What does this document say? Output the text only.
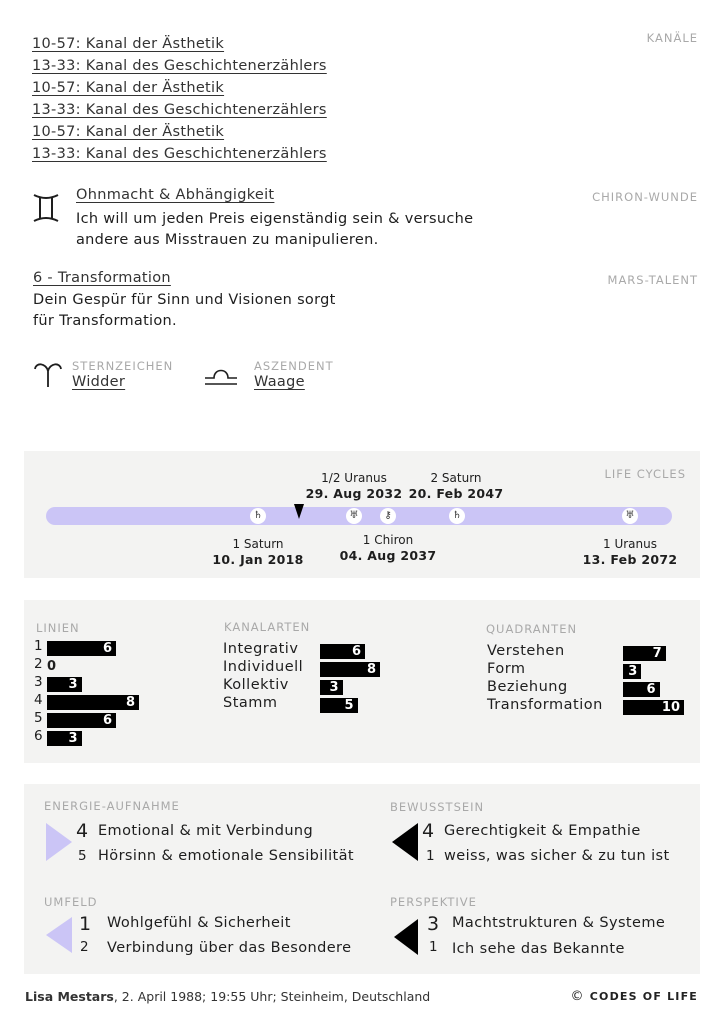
KANÄLE
10-57: Kanal der Ästhetik
13-33: Kanal des Geschichtenerzählers
10-57: Kanal der Ästhetik
13-33: Kanal des Geschichtenerzählers
10-57: Kanal der Ästhetik
13-33: Kanal des Geschichtenerzählers
CHIRON-WUNDE
Ohnmacht & Abhängigkeit
Ich will um jeden Preis eigenständig sein & versuche
andere aus Misstrauen zu manipulieren.
MARS-TALENT
6 - Transformation
Dein Gespür für Sinn und Visionen sorgt
für Transformation.
STERNZEICHEN
Widder
ASZENDENT
Waage
LIFE CYCLES
♄	♅	⚷	♄	♅
1/2 Uranus
29. Aug 2032
2 Saturn
20. Feb 2047
1 Saturn
10. Jan 2018
1 Chiron
04. Aug 2037
1 Uranus
13. Feb 2072
LINIEN	KANALARTEN	QUADRANTEN
1	6
2 0
3	3
4	8
5	6
6	3
Integrativ	6
Individuell	8
Kollektiv	3
Stamm	5
Verstehen	7
Form	3
Beziehung	6
Transformation	10
ENERGIE-AUFNAHME
4 Emotional & mit Verbindung
5 Hörsinn & emotionale Sensibilität
BEWUSSTSEIN
4 Gerechtigkeit & Empathie
1 weiss, was sicher & zu tun ist
UMFELD
1 Wohlgefühl & Sicherheit
2 Verbindung über das Besondere
PERSPEKTIVE
3 Machtstrukturen & Systeme
1 Ich sehe das Bekannte
Lisa Mestars, 2. April 1988; 19:55 Uhr; Steinheim, Deutschland	© CODES OF LIFE
